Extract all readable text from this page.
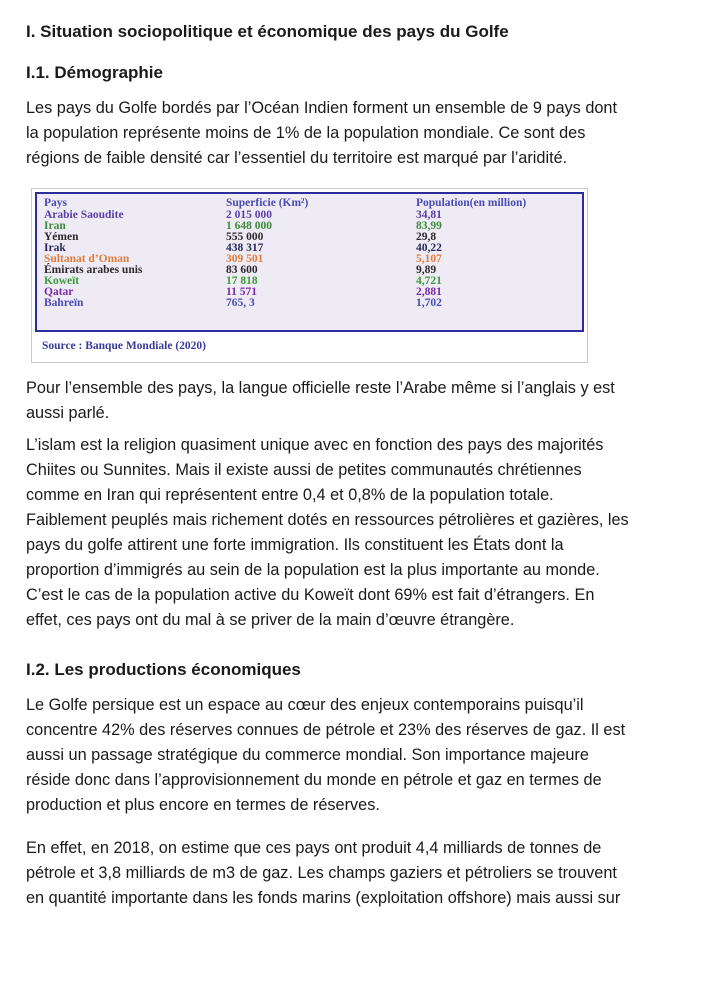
I. Situation sociopolitique et économique des pays du Golfe
I.1. Démographie

Les pays du Golfe bordés par l’Océan Indien forment un ensemble de 9 pays dont
la population représente moins de 1% de la population mondiale. Ce sont des
régions de faible densité car l’essentiel du territoire est marqué par l’aridité.

Pays	Superficie (Km²)	Population(en million)
Arabie Saoudite	2 015 000	34,81
Iran	1 648 000	83,99
Yémen	555 000	29,8
Irak	438 317	40,22
Sultanat d’Oman	309 501	5,107
Émirats arabes unis	83 600	9,89
Koweït	17 818	4,721
Qatar	11 571	2,881
Bahreïn	765, 3	1,702
Source : Banque Mondiale (2020)

Pour l’ensemble des pays, la langue officielle reste l’Arabe même si l’anglais y est
aussi parlé.

L’islam est la religion quasiment unique avec en fonction des pays des majorités
Chiites ou Sunnites. Mais il existe aussi de petites communautés chrétiennes
comme en Iran qui représentent entre 0,4 et 0,8% de la population totale.
Faiblement peuplés mais richement dotés en ressources pétrolières et gazières, les
pays du golfe attirent une forte immigration. Ils constituent les États dont la
proportion d’immigrés au sein de la population est la plus importante au monde.
C’est le cas de la population active du Koweït dont 69% est fait d’étrangers. En
effet, ces pays ont du mal à se priver de la main d’œuvre étrangère.

I.2. Les productions économiques

Le Golfe persique est un espace au cœur des enjeux contemporains puisqu’il
concentre 42% des réserves connues de pétrole et 23% des réserves de gaz. Il est
aussi un passage stratégique du commerce mondial. Son importance majeure
réside donc dans l’approvisionnement du monde en pétrole et gaz en termes de
production et plus encore en termes de réserves.

En effet, en 2018, on estime que ces pays ont produit 4,4 milliards de tonnes de
pétrole et 3,8 milliards de m3 de gaz. Les champs gaziers et pétroliers se trouvent
en quantité importante dans les fonds marins (exploitation offshore) mais aussi sur
